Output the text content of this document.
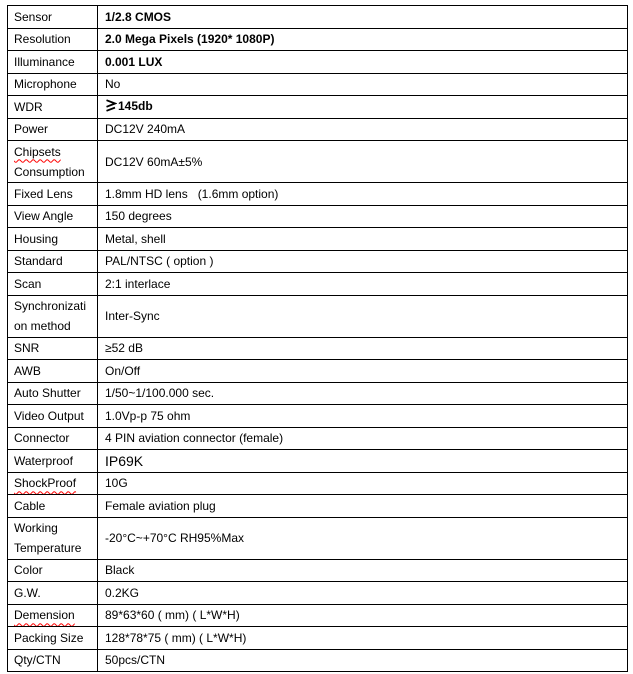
Sensor	1/2.8 CMOS

Resolution	2.0 Mega Pixels (1920* 1080P)

Illuminance	0.001 LUX

Microphone	No

WDR	145db

Power	DC12V 240mA

Chipsets
Consumption	DC12V 60mA±5%

Fixed Lens	1.8mm HD lens   (1.6mm option)

View Angle	150 degrees

Housing	Metal, shell

Standard	PAL/NTSC ( option )

Scan	2:1 interlace

Synchronizati
on method	Inter-Sync

SNR	≥52 dB

AWB	On/Off

Auto Shutter	1/50~1/100.000 sec.

Video Output	1.0Vp-p 75 ohm

Connector	4 PIN aviation connector (female)

Waterproof	IP69K

ShockProof	10G

Cable	Female aviation plug

Working
Temperature	-20°C~+70°C RH95%Max

Color	Black

G.W.	0.2KG

Demension	89*63*60 ( mm) ( L*W*H)

Packing Size	128*78*75 ( mm) ( L*W*H)

Qty/CTN	50pcs/CTN
